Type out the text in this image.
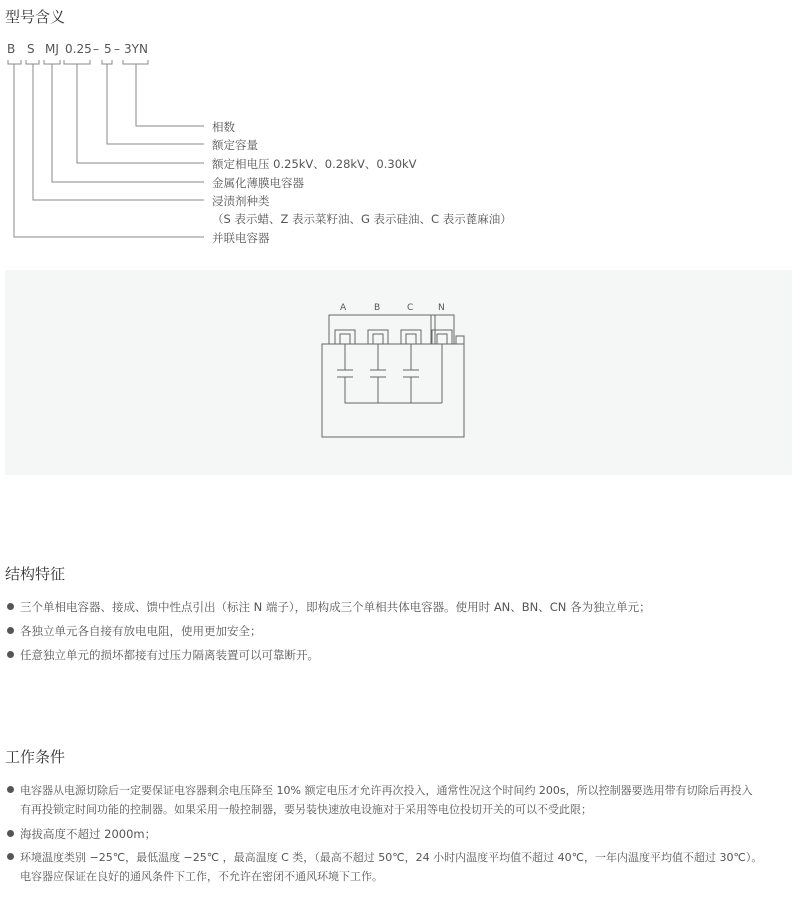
型号含义
B S MJ 0.25 – 5 – 3YN
相数
额定容量
额定相电压 0.25kV、0.28kV、0.30kV
金属化薄膜电容器
浸渍剂种类
（S 表示蜡、Z 表示菜籽油、G 表示硅油、C 表示蓖麻油）
并联电容器
A	B	C	N
结构特征
三个单相电容器、接成、馈中性点引出（标注 N 端子），即构成三个单相共体电容器。使用时 AN、BN、CN 各为独立单元；
各独立单元各自接有放电电阻，使用更加安全；
任意独立单元的损坏都接有过压力隔离装置可以可靠断开。
工作条件
电容器从电源切除后一定要保证电容器剩余电压降至 10% 额定电压才允许再次投入，通常性况这个时间约 200s，所以控制器要选用带有切除后再投入
有再投锁定时间功能的控制器。如果采用一般控制器，要另装快速放电设施对于采用等电位投切开关的可以不受此限；
海拔高度不超过 2000m；
环境温度类别 −25℃，最低温度 −25℃ ，最高温度 C 类，（最高不超过 50℃，24 小时内温度平均值不超过 40℃，一年内温度平均值不超过 30℃）。
电容器应保证在良好的通风条件下工作，不允许在密闭不通风环境下工作。
